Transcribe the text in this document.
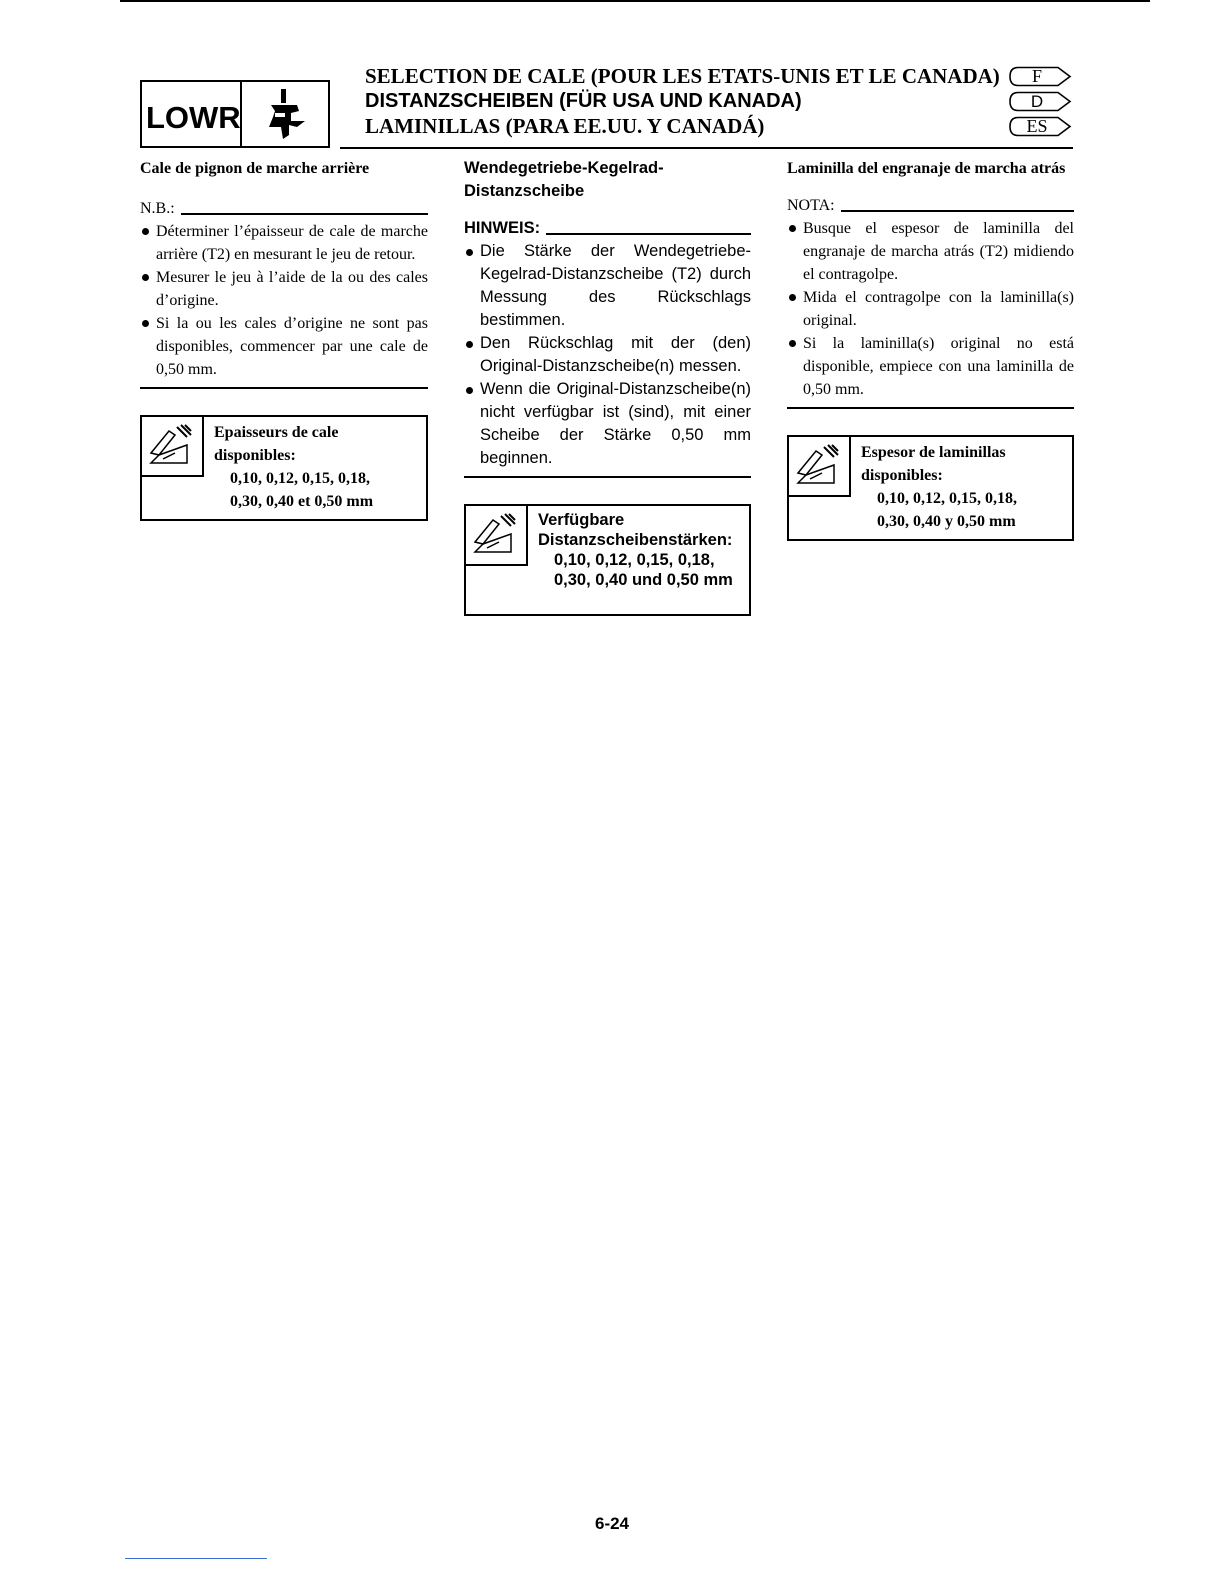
LOWR
SELECTION DE CALE (POUR LES ETATS-UNIS ET LE CANADA)
DISTANZSCHEIBEN (FÜR USA UND KANADA)
LAMINILLAS (PARA EE.UU. Y CANADÁ)
F
D
ES

Cale de pignon de marche arrière

N.B.:
Déterminer l’épaisseur de cale de marche arrière (T2) en mesurant le jeu de retour.
Mesurer le jeu à l’aide de la ou des cales d’origine.
Si la ou les cales d’origine ne sont pas disponibles, commencer par une cale de 0,50 mm.
Epaisseurs de cale disponibles:
0,10, 0,12, 0,15, 0,18,
0,30, 0,40 et 0,50 mm

Wendegetriebe-Kegelrad-Distanzscheibe

HINWEIS:
Die Stärke der Wendegetriebe-Kegelrad-Distanzscheibe (T2) durch Messung des Rückschlags bestimmen.
Den Rückschlag mit der (den) Original-Distanzscheibe(n) messen.
Wenn die Original-Distanzscheibe(n) nicht verfügbar ist (sind), mit einer Scheibe der Stärke 0,50 mm beginnen.
Verfügbare Distanzscheibenstärken:
0,10, 0,12, 0,15, 0,18,
0,30, 0,40 und 0,50 mm

Laminilla del engranaje de marcha atrás

NOTA:
Busque el espesor de laminilla del engranaje de marcha atrás (T2) midiendo el contragolpe.
Mida el contragolpe con la laminilla(s) original.
Si la laminilla(s) original no está disponible, empiece con una laminilla de 0,50 mm.
Espesor de laminillas disponibles:
0,10, 0,12, 0,15, 0,18,
0,30, 0,40 y 0,50 mm
6-24
